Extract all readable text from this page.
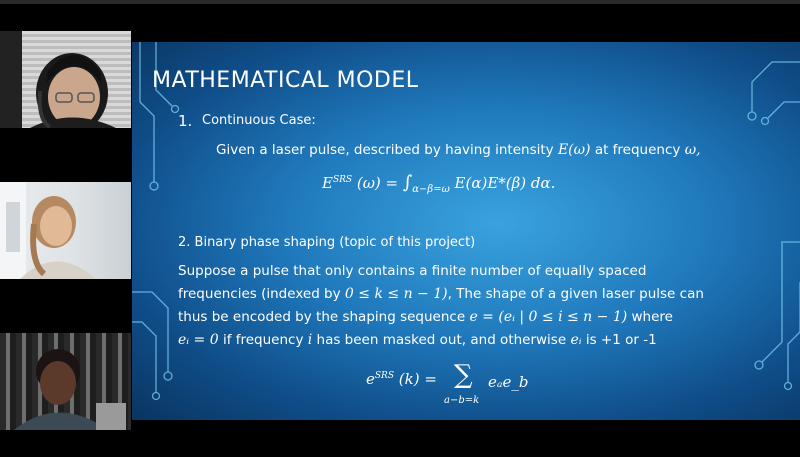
MATHEMATICAL MODEL
1. Continuous Case:
Given a laser pulse, described by having intensity E(ω) at frequency ω,
$E^{SRS}$ $(\omega) = \int_{\alpha-\beta=\omega}$ E(α)E*(β) dα.
2. Binary phase shaping (topic of this project)
Suppose a pulse that only contains a finite number of equally spaced
frequencies (indexed by 0 ≤ k ≤ n − 1), The shape of a given laser pulse can
thus be encoded by the shaping sequence e = (eᵢ | 0 ≤ i ≤ n − 1) where
eᵢ = 0 if frequency i has been masked out, and otherwise eᵢ is +1 or -1
$e^{SRS}$ (k) = ∑
a−b=k
eₐe_b
